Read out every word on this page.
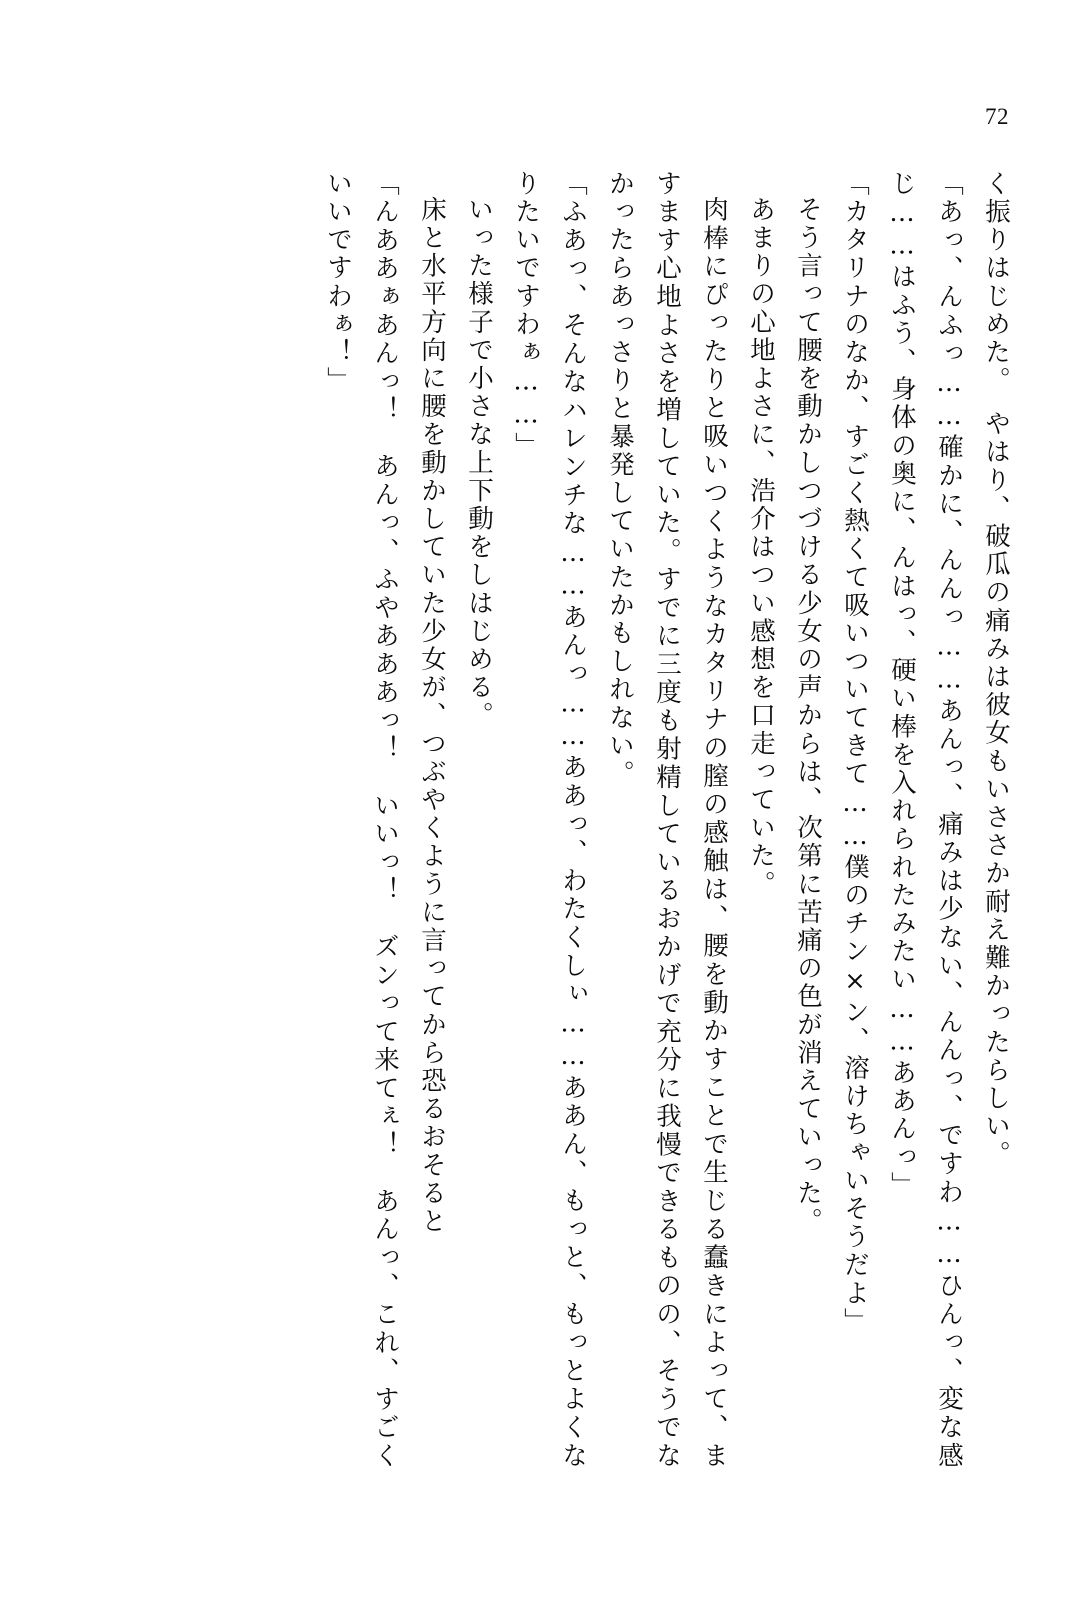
72

く振りはじめた。　やはり、破瓜の痛みは彼女もいささか耐え難かったらしい。

「あっ、んふっ……確かに、んんっ……あんっ、痛みは少ない、んんっ、ですわ……ひんっ、変な感じ……はふう、身体の奥に、んはっ、硬い棒を入れられたみたい……ああんっ」

「カタリナのなか、すごく熱くて吸いついてきて……僕のチン×ン、溶けちゃいそうだよ」

そう言って腰を動かしつづける少女の声からは、次第に苦痛の色が消えていった。

あまりの心地よさに、浩介はつい感想を口走っていた。

肉棒にぴったりと吸いつくようなカタリナの膣の感触は、腰を動かすことで生じる蠢きによって、ますます心地よさを増していた。すでに三度も射精しているおかげで充分に我慢できるものの、そうでなかったらあっさりと暴発していたかもしれない。

「ふあっ、そんなハレンチな……あんっ……ああっ、わたくしぃ……ああん、もっと、もっとよくなりたいですわぁ……」

いった様子で小さな上下動をしはじめる。

床と水平方向に腰を動かしていた少女が、つぶやくように言ってから恐るおそると

「んああぁあんっ！　あんっ、ふやあああっ！　いいっ！　ズンって来てぇ！　あんっ、これ、すごくいいですわぁ！」
